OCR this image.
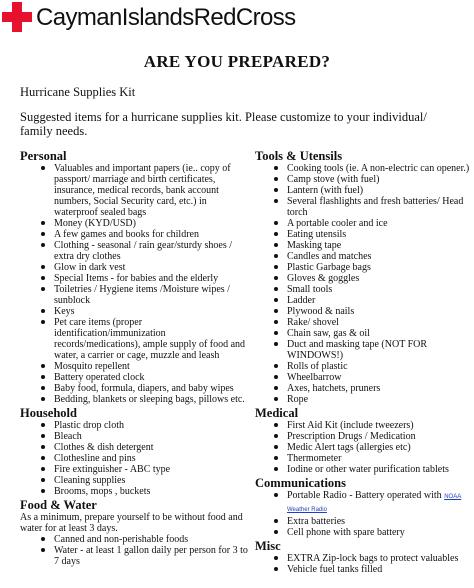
CaymanIslandsRedCross
ARE YOU PREPARED?
Hurricane Supplies Kit
Suggested items for a hurricane supplies kit. Please customize to your individual/ family needs.
Personal
Valuables and important papers (ie.. copy of passport/ marriage and birth certificates, insurance, medical records, bank account numbers, Social Security card, etc.) in waterproof sealed bags
Money (KYD/USD)
A few games and books for children
Clothing - seasonal / rain gear/sturdy shoes / extra dry clothes
Glow in dark vest
Special Items - for babies and the elderly
Toiletries / Hygiene items /Moisture wipes / sunblock
Keys
Pet care items (proper identification/immunization records/medications), ample supply of food and water, a carrier or cage, muzzle and leash
Mosquito repellent
Battery operated clock
Baby food, formula, diapers, and baby wipes
Bedding, blankets or sleeping bags, pillows etc.
Household
Plastic drop cloth
Bleach
Clothes & dish detergent
Clothesline and pins
Fire extinguisher - ABC type
Cleaning supplies
Brooms, mops , buckets
Food & Water
As a minimum, prepare yourself to be without food and water for at least 3 days.
Canned and non-perishable foods
Water - at least 1 gallon daily per person for 3 to 7 days
Tools & Utensils
Cooking tools (ie. A non-electric can opener.)
Camp stove (with fuel)
Lantern (with fuel)
Several flashlights and fresh batteries/ Head torch
A portable cooler and ice
Eating utensils
Masking tape
Candles and matches
Plastic Garbage bags
Gloves & goggles
Small tools
Ladder
Plywood & nails
Rake/ shovel
Chain saw, gas & oil
Duct and masking tape (NOT FOR WINDOWS!)
Rolls of plastic
Wheelbarrow
Axes, hatchets, pruners
Rope
Medical
First Aid Kit (include tweezers)
Prescription Drugs / Medication
Medic Alert tags (allergies etc)
Thermometer
Iodine or other water purification tablets
Communications
Portable Radio - Battery operated with NOAA Weather Radio
Extra batteries
Cell phone with spare battery
Misc
EXTRA Zip-lock bags to protect valuables
Vehicle fuel tanks filled
